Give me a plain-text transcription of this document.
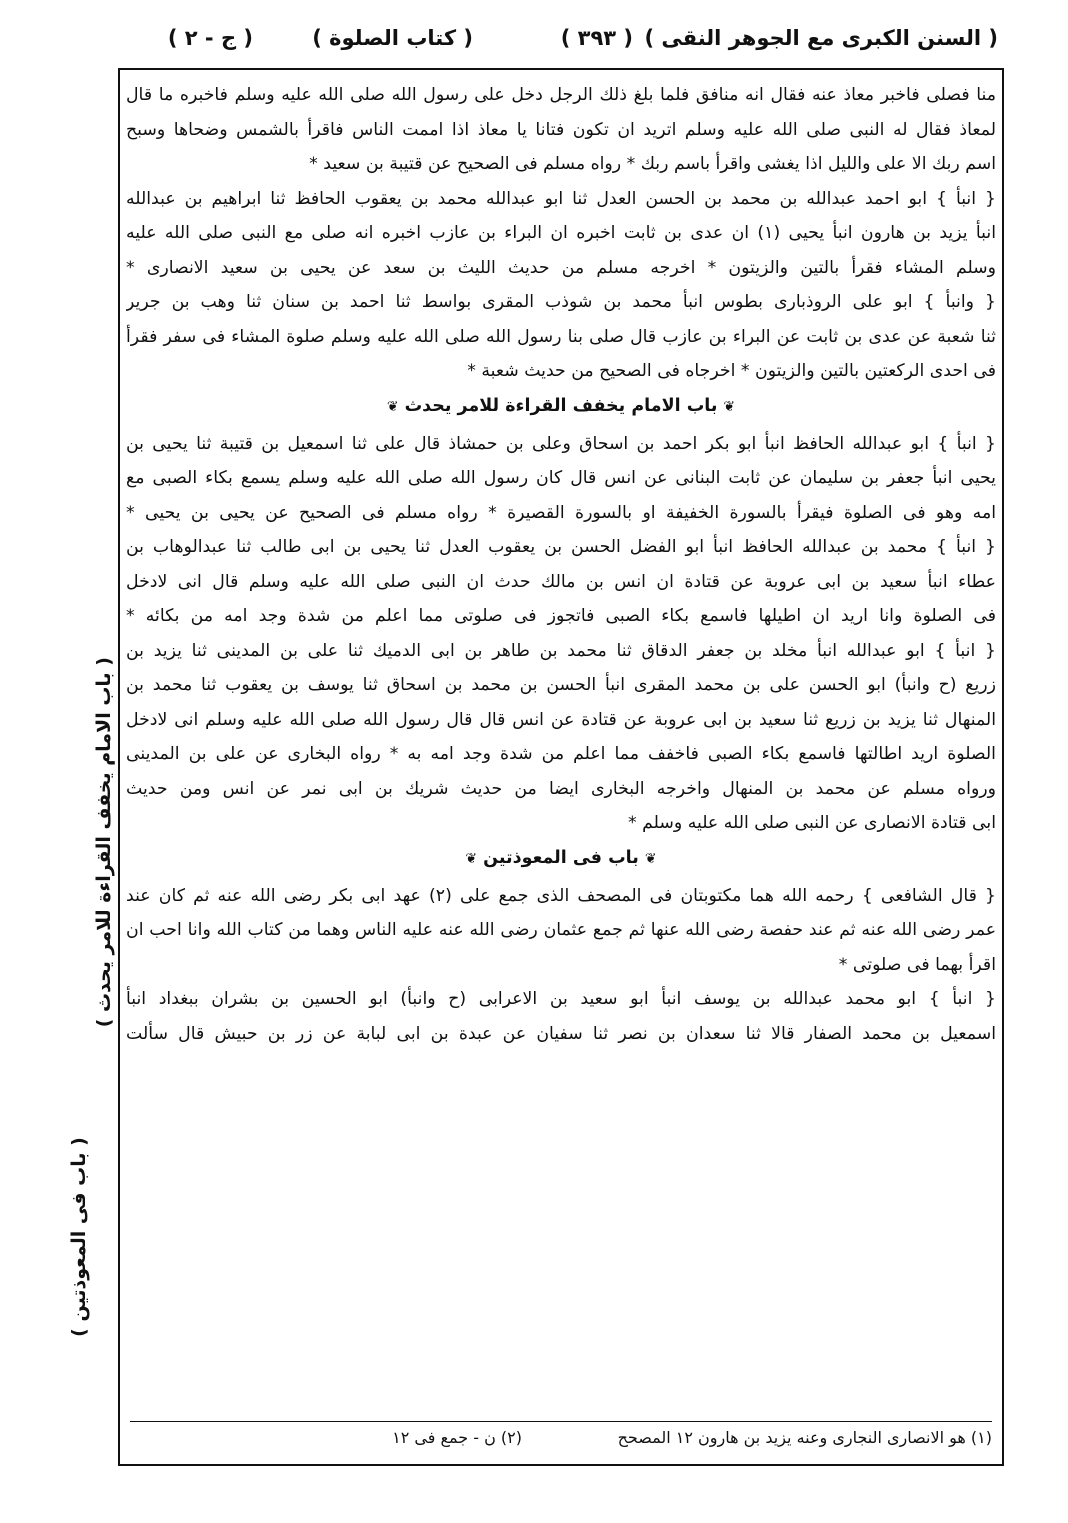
( السنن الكبرى مع الجوهر النقى )
( ٣٩٣ )
( كتاب الصلوة )
( ج - ٢ )
منا فصلى فاخبر معاذ عنه فقال انه منافق فلما بلغ ذلك الرجل دخل على رسول الله صلى الله عليه وسلم فاخبره ما قال
لمعاذ فقال له النبى صلى الله عليه وسلم اتريد ان تكون فتانا يا معاذ اذا اممت الناس فاقرأ بالشمس وضحاها وسبح
اسم ربك الا على والليل اذا يغشى واقرأ باسم ربك * رواه مسلم فى الصحيح عن قتيبة بن سعيد *
{ انبأ } ابو احمد عبدالله بن محمد بن الحسن العدل ثنا ابو عبدالله محمد بن يعقوب الحافظ ثنا ابراهيم بن عبدالله
انبأ يزيد بن هارون انبأ يحيى (١) ان عدى بن ثابت اخبره ان البراء بن عازب اخبره انه صلى مع النبى صلى الله عليه
وسلم المشاء فقرأ بالتين والزيتون * اخرجه مسلم من حديث الليث بن سعد عن يحيى بن سعيد الانصارى *
{ وانبأ } ابو على الروذبارى بطوس انبأ محمد بن شوذب المقرى بواسط ثنا احمد بن سنان ثنا وهب بن جرير
ثنا شعبة عن عدى بن ثابت عن البراء بن عازب قال صلى بنا رسول الله صلى الله عليه وسلم صلوة المشاء فى سفر فقرأ
فى احدى الركعتين بالتين والزيتون * اخرجاه فى الصحيح من حديث شعبة *
❦باب الامام يخفف القراءة للامر يحدث❦
{ انبأ } ابو عبدالله الحافظ انبأ ابو بكر احمد بن اسحاق وعلى بن حمشاذ قال على ثنا اسمعيل بن قتيبة ثنا يحيى بن
يحيى انبأ جعفر بن سليمان عن ثابت البنانى عن انس قال كان رسول الله صلى الله عليه وسلم يسمع بكاء الصبى مع
امه وهو فى الصلوة فيقرأ بالسورة الخفيفة او بالسورة القصيرة * رواه مسلم فى الصحيح عن يحيى بن يحيى *
{ انبأ } محمد بن عبدالله الحافظ انبأ ابو الفضل الحسن بن يعقوب العدل ثنا يحيى بن ابى طالب ثنا عبدالوهاب بن
عطاء انبأ سعيد بن ابى عروبة عن قتادة ان انس بن مالك حدث ان النبى صلى الله عليه وسلم قال انى لادخل
فى الصلوة وانا اريد ان اطيلها فاسمع بكاء الصبى فاتجوز فى صلوتى مما اعلم من شدة وجد امه من بكائه *
{ انبأ } ابو عبدالله انبأ مخلد بن جعفر الدقاق ثنا محمد بن طاهر بن ابى الدميك ثنا على بن المدينى ثنا يزيد بن
زريع (ح وانبأ) ابو الحسن على بن محمد المقرى انبأ الحسن بن محمد بن اسحاق ثنا يوسف بن يعقوب ثنا محمد بن
المنهال ثنا يزيد بن زريع ثنا سعيد بن ابى عروبة عن قتادة عن انس قال قال رسول الله صلى الله عليه وسلم انى لادخل
الصلوة اريد اطالتها فاسمع بكاء الصبى فاخفف مما اعلم من شدة وجد امه به * رواه البخارى عن على بن المدينى
ورواه مسلم عن محمد بن المنهال واخرجه البخارى ايضا من حديث شريك بن ابى نمر عن انس ومن حديث
ابى قتادة الانصارى عن النبى صلى الله عليه وسلم *
❦باب فى المعوذتين❦
{ قال الشافعى } رحمه الله هما مكتوبتان فى المصحف الذى جمع على (٢) عهد ابى بكر رضى الله عنه ثم كان عند
عمر رضى الله عنه ثم عند حفصة رضى الله عنها ثم جمع عثمان رضى الله عنه عليه الناس وهما من كتاب الله وانا احب ان
اقرأ بهما فى صلوتى *
{ انبأ } ابو محمد عبدالله بن يوسف انبأ ابو سعيد بن الاعرابى (ح وانبأ) ابو الحسين بن بشران ببغداد انبأ
اسمعيل بن محمد الصفار قالا ثنا سعدان بن نصر ثنا سفيان عن عبدة بن ابى لبابة عن زر بن حبيش قال سألت
(١) هو الانصارى النجارى وعنه يزيد بن هارون ١٢ المصحح
(٢) ن - جمع فى ١٢
( باب الامام يخفف القراءة للامر يحدث )
( باب فى المعوذتين )
